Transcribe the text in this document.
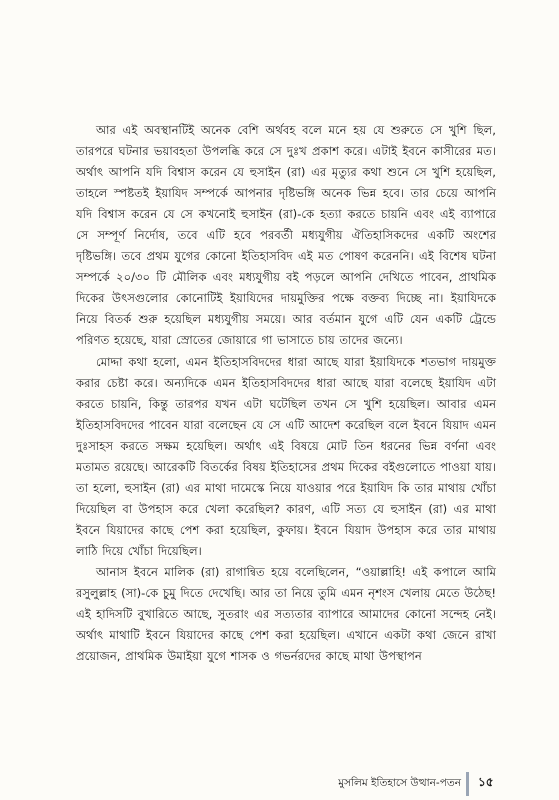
আর এই অবস্থানটিই অনেক বেশি অর্থবহ বলে মনে হয় যে শুরুতে সে খুশি ছিল, তারপরে ঘটনার ভয়াবহতা উপলব্ধি করে সে দুঃখ প্রকাশ করে। এটাই ইবনে কাসীরের মত। অর্থাৎ আপনি যদি বিশ্বাস করেন যে হুসাইন (রা) এর মৃত্যুর কথা শুনে সে খুশি হয়েছিল, তাহলে স্পষ্টতই ইয়াযিদ সম্পর্কে আপনার দৃষ্টিভঙ্গি অনেক ভিন্ন হবে। তার চেয়ে আপনি যদি বিশ্বাস করেন যে সে কখনোই হুসাইন (রা)-কে হত্যা করতে চায়নি এবং এই ব্যাপারে সে সম্পূর্ণ নির্দোষ, তবে এটি হবে পরবর্তী মধ্যযুগীয় ঐতিহাসিকদের একটি অংশের দৃষ্টিভঙ্গি। তবে প্রথম যুগের কোনো ইতিহাসবিদ এই মত পোষণ করেননি। এই বিশেষ ঘটনা সম্পর্কে ২০/৩০ টি মৌলিক এবং মধ্যযুগীয় বই পড়লে আপনি দেখিতে পাবেন, প্রাথমিক দিকের উৎসগুলোর কোনোটিই ইয়াযিদের দায়মুক্তির পক্ষে বক্তব্য দিচ্ছে না। ইয়াযিদকে নিয়ে বিতর্ক শুরু হয়েছিল মধ্যযুগীয় সময়ে। আর বর্তমান যুগে এটি যেন একটি ট্রেন্ডে পরিণত হয়েছে, যারা স্রোতের জোয়ারে গা ভাসাতে চায় তাদের জন্যে।

মোদ্দা কথা হলো, এমন ইতিহাসবিদদের ধারা আছে যারা ইয়াযিদকে শতভাগ দায়মুক্ত করার চেষ্টা করে। অন্যদিকে এমন ইতিহাসবিদদের ধারা আছে যারা বলেছে ইয়াযিদ এটা করতে চায়নি, কিন্তু তারপর যখন এটা ঘটেছিল তখন সে খুশি হয়েছিল। আবার এমন ইতিহাসবিদদের পাবেন যারা বলেছেন যে সে এটি আদেশ করেছিল বলে ইবনে যিয়াদ এমন দুঃসাহস করতে সক্ষম হয়েছিল। অর্থাৎ এই বিষয়ে মোট তিন ধরনের ভিন্ন বর্ণনা এবং মতামত রয়েছে। আরেকটি বিতর্কের বিষয় ইতিহাসের প্রথম দিকের বইগুলোতে পাওয়া যায়। তা হলো, হুসাইন (রা) এর মাথা দামেস্কে নিয়ে যাওয়ার পরে ইয়াযিদ কি তার মাথায় খোঁচা দিয়েছিল বা উপহাস করে খেলা করেছিল? কারণ, এটি সত্য যে হুসাইন (রা) এর মাথা ইবনে যিয়াদের কাছে পেশ করা হয়েছিল, কুফায়। ইবনে যিয়াদ উপহাস করে তার মাথায় লাঠি দিয়ে খোঁচা দিয়েছিল।

আনাস ইবনে মালিক (রা) রাগান্বিত হয়ে বলেছিলেন, “ওয়াল্লাহি! এই কপালে আমি রসুলুল্লাহ (সা)-কে চুমু দিতে দেখেছি। আর তা নিয়ে তুমি এমন নৃশংস খেলায় মেতে উঠেছ! এই হাদিসটি বুখারিতে আছে, সুতরাং এর সত্যতার ব্যাপারে আমাদের কোনো সন্দেহ নেই। অর্থাৎ মাথাটি ইবনে যিয়াদের কাছে পেশ করা হয়েছিল। এখানে একটা কথা জেনে রাখা প্রয়োজন, প্রাথমিক উমাইয়া যুগে শাসক ও গভর্নরদের কাছে মাথা উপস্থাপন

মুসলিম ইতিহাসে উত্থান-পতন ১৫
